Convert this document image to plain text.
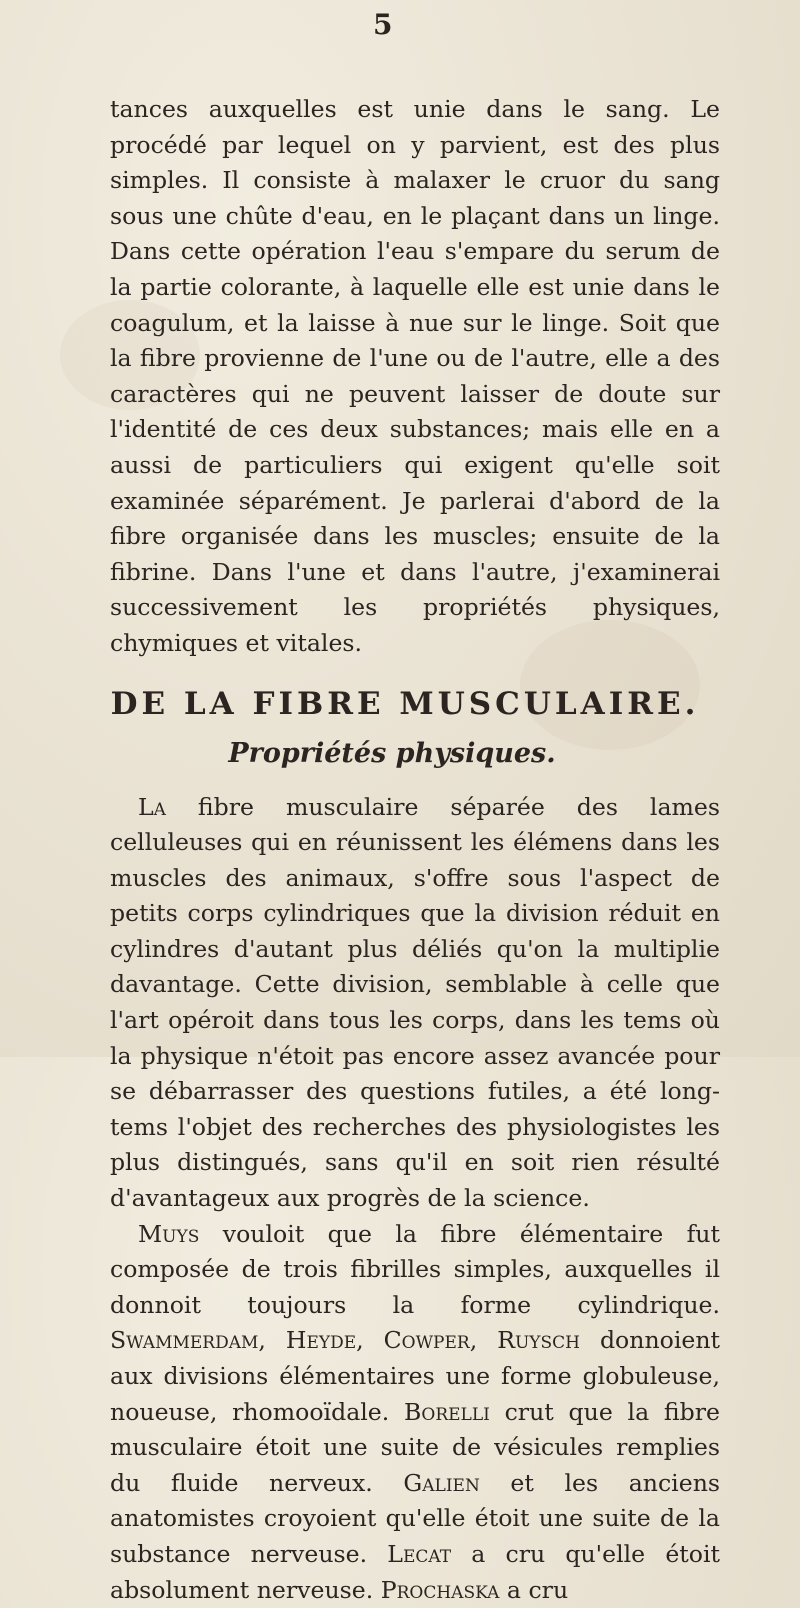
5

tances auxquelles est unie dans le sang. Le procédé par lequel on y parvient, est des plus simples. Il consiste à malaxer le cruor du sang sous une chûte d'eau, en le plaçant dans un linge. Dans cette opération l'eau s'empare du serum de la partie colorante, à laquelle elle est unie dans le coagulum, et la laisse à nue sur le linge. Soit que la fibre provienne de l'une ou de l'autre, elle a des caractères qui ne peuvent laisser de doute sur l'identité de ces deux substances; mais elle en a aussi de particuliers qui exigent qu'elle soit examinée séparément. Je parlerai d'abord de la fibre organisée dans les muscles; ensuite de la fibrine. Dans l'une et dans l'autre, j'examinerai successivement les propriétés physiques, chymiques et vitales.

DE LA FIBRE MUSCULAIRE.
Propriétés physiques.

La fibre musculaire séparée des lames celluleuses qui en réunissent les élémens dans les muscles des animaux, s'offre sous l'aspect de petits corps cylindriques que la division réduit en cylindres d'autant plus déliés qu'on la multiplie davantage. Cette division, semblable à celle que l'art opéroit dans tous les corps, dans les tems où la physique n'étoit pas encore assez avancée pour se débarrasser des questions futiles, a été long-tems l'objet des recherches des physiologistes les plus distingués, sans qu'il en soit rien résulté d'avantageux aux progrès de la science.

Muys vouloit que la fibre élémentaire fut composée de trois fibrilles simples, auxquelles il donnoit toujours la forme cylindrique. Swammerdam, Heyde, Cowper, Ruysch donnoient aux divisions élémentaires une forme globuleuse, noueuse, rhomooïdale. Borelli crut que la fibre musculaire étoit une suite de vésicules remplies du fluide nerveux. Galien et les anciens anatomistes croyoient qu'elle étoit une suite de la substance nerveuse. Lecat a cru qu'elle étoit absolument nerveuse. Prochaska a cru
